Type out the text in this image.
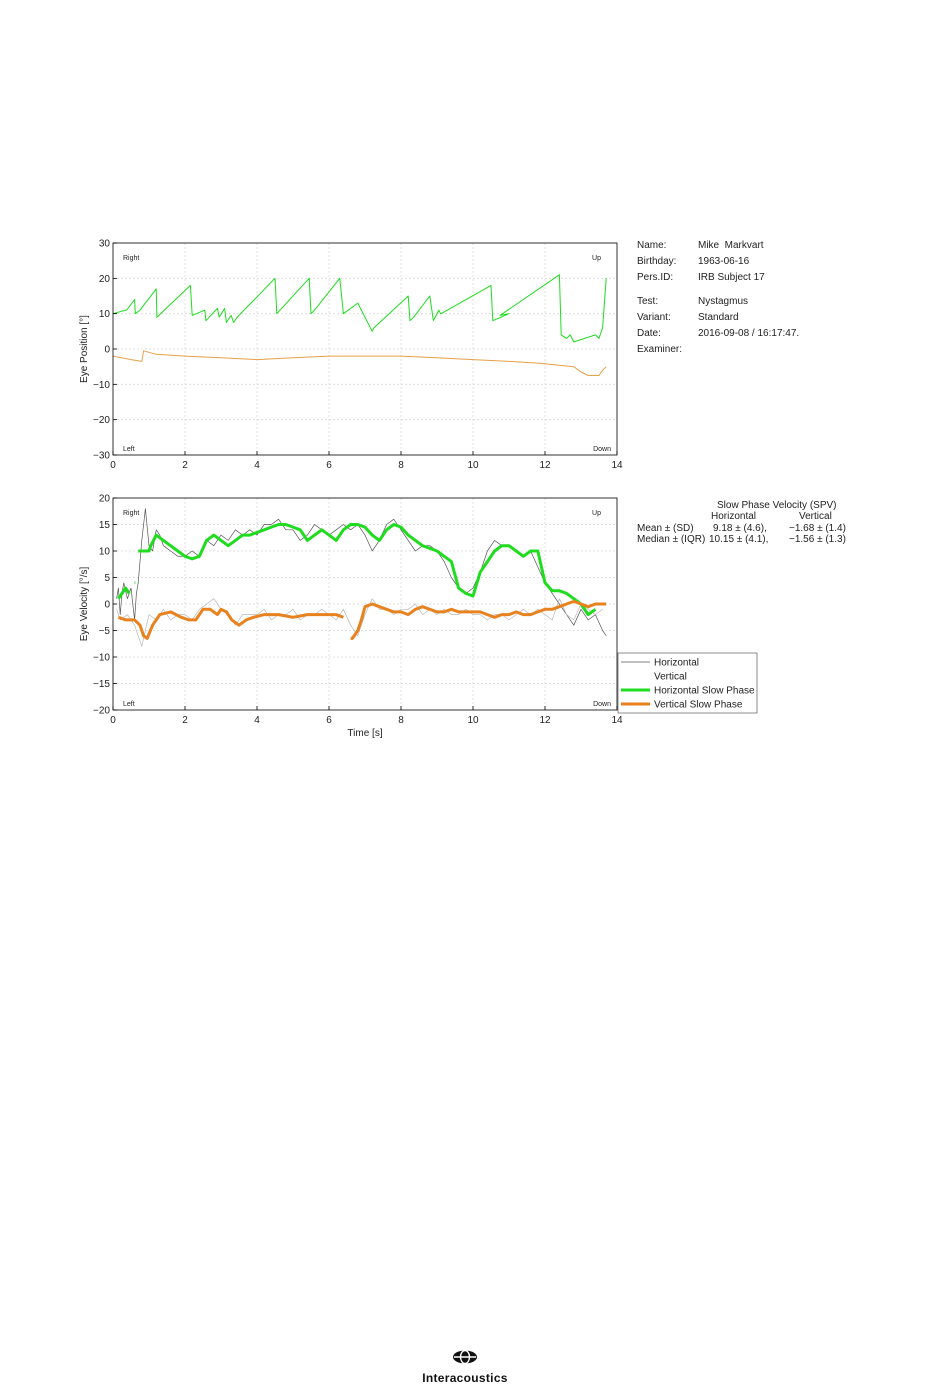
0	2	4	6	8	10	12	14
−30
−20
−10
0
10
20
30
Eye Position [°]
Right	Up
Left	Down
0	2	4	6	8	10	12	14
−20
−15
−10
−5
0
5
10
15
20
Eye Velocity [°/s]
Time [s]
Right	Up
Left	Down
Horizontal
Vertical
Horizontal Slow Phase
Vertical Slow Phase
Name:	Mike  Markvart
Birthday: 1963-06-16
Pers.ID: IRB Subject 17
Test:	Nystagmus
Variant:	Standard
Date:	2016-09-08 / 16:17:47.
Examiner:
Slow Phase Velocity (SPV)
Horizontal	Vertical
Mean ± (SD) 9.18 ± (4.6), −1.68 ± (1.4)
Median ± (IQR) 10.15 ± (4.1), −1.56 ± (1.3)
Interacoustics
